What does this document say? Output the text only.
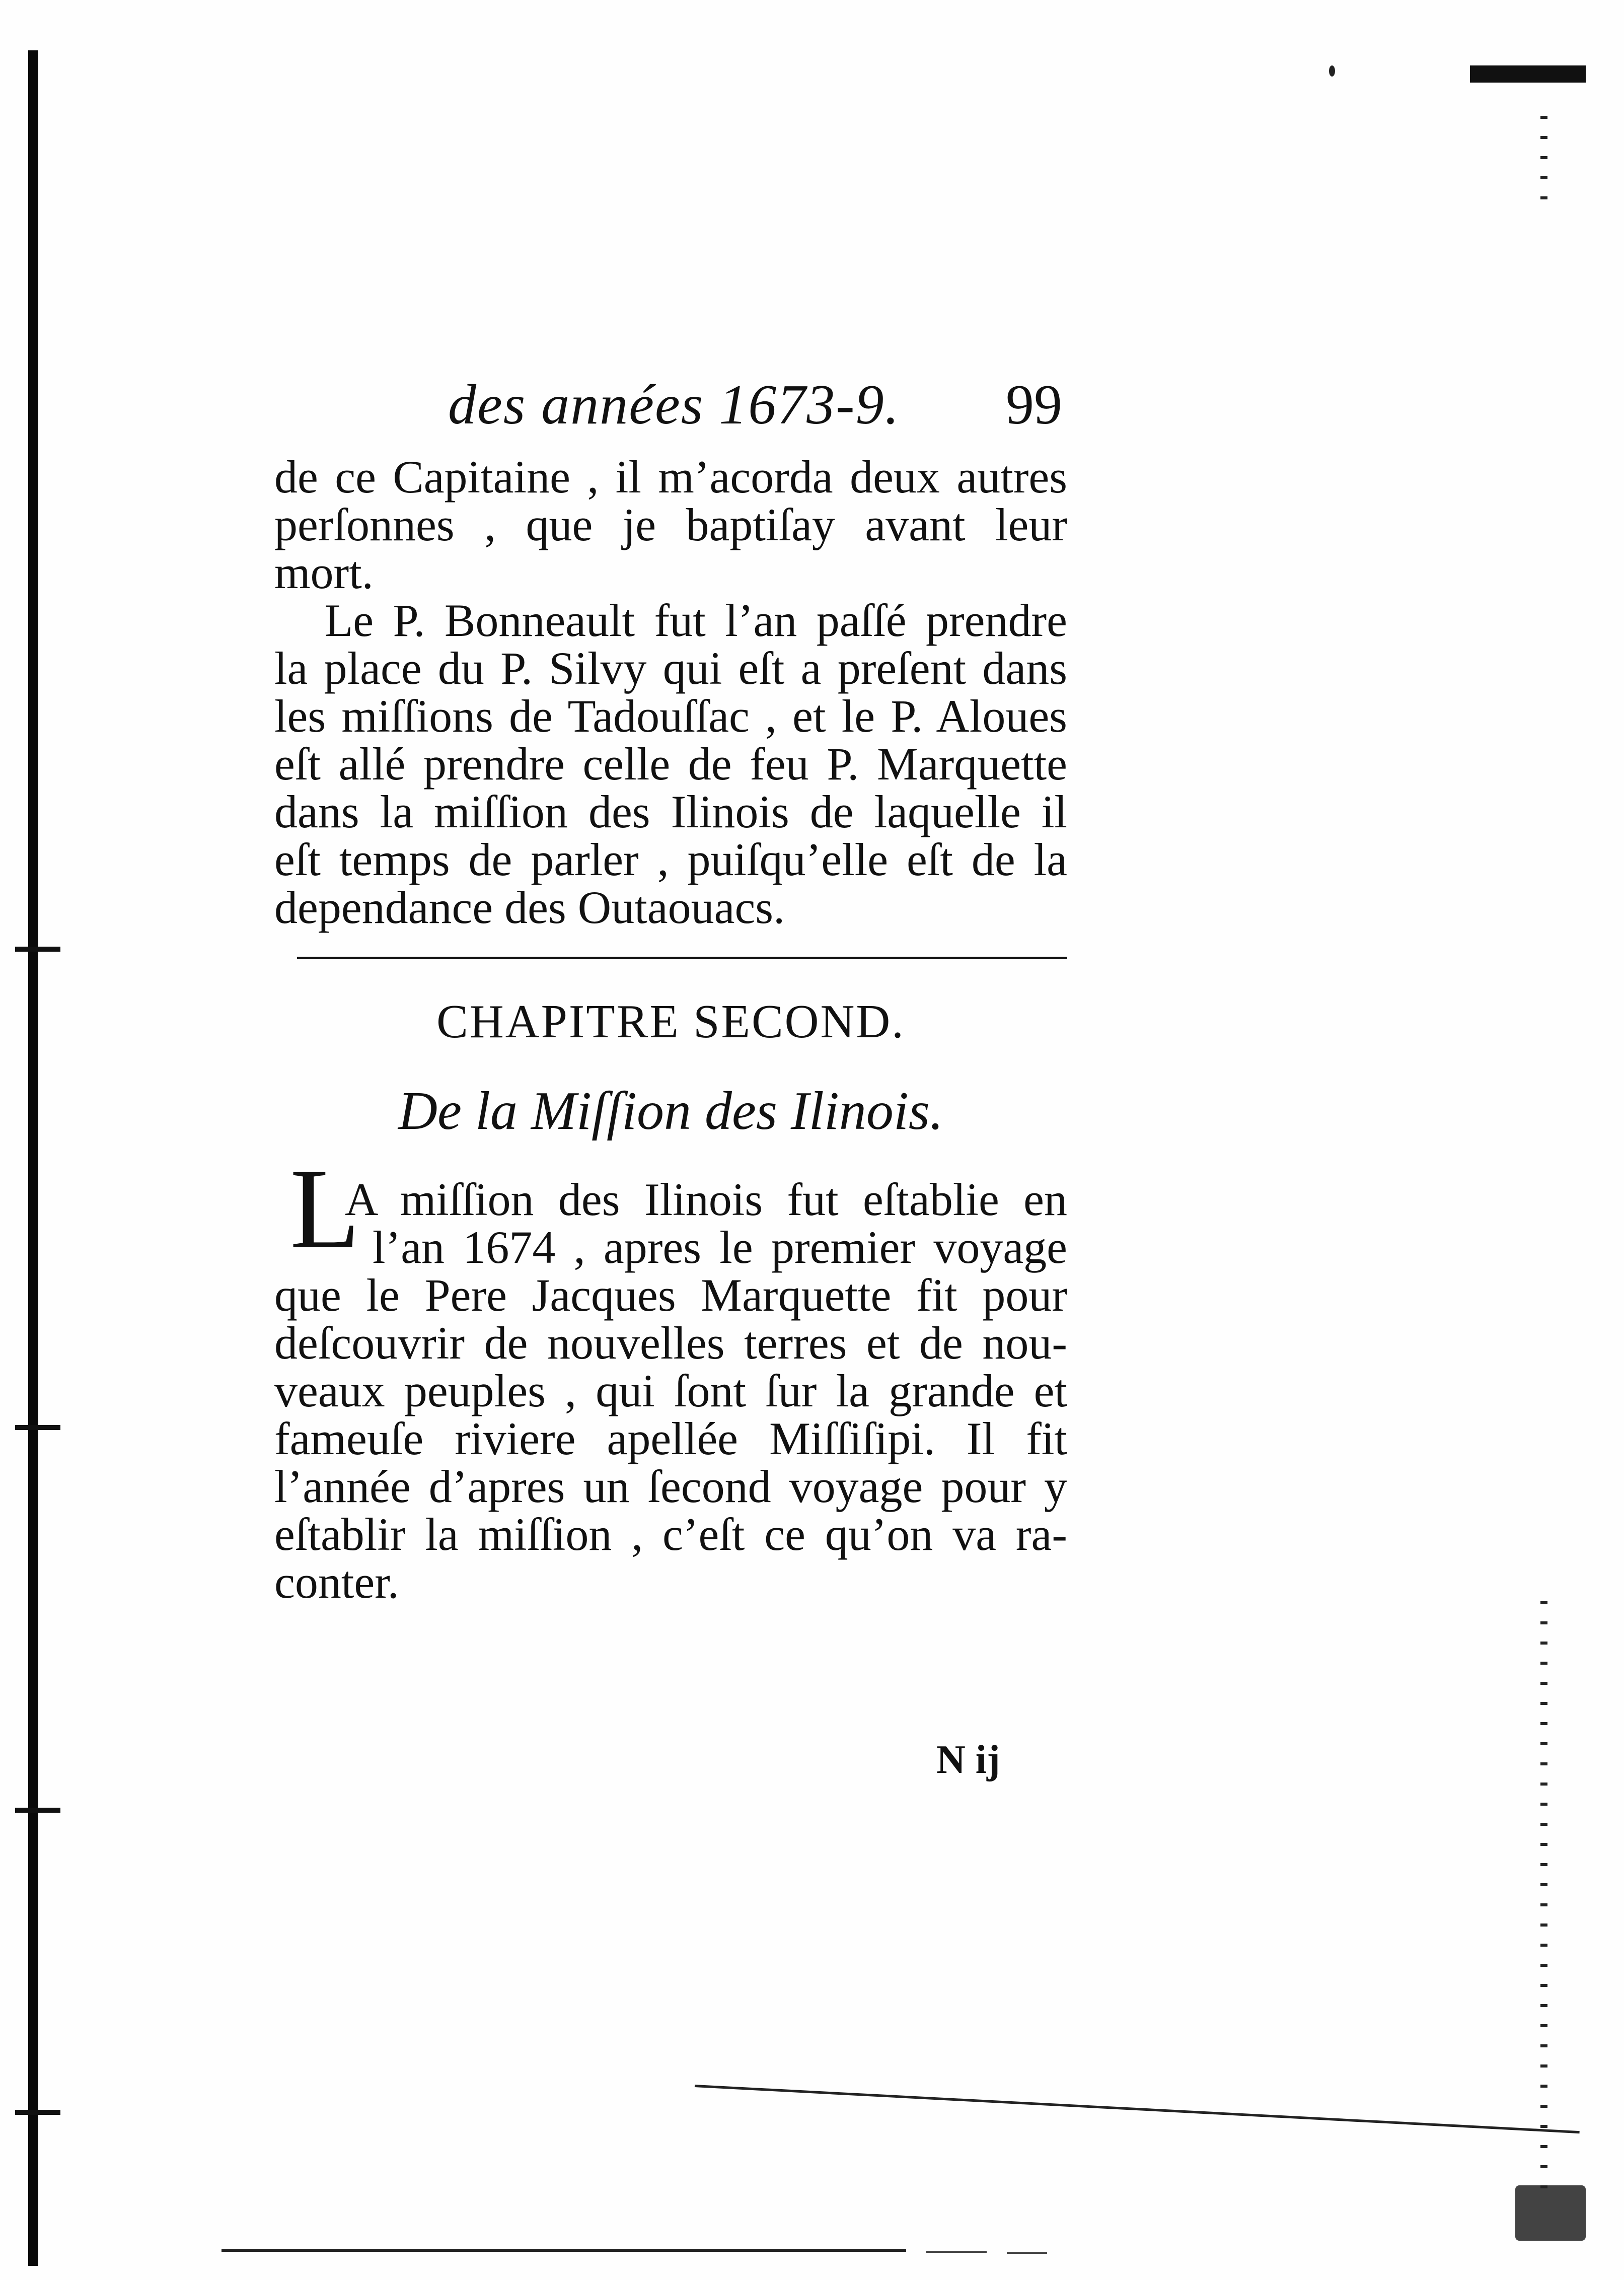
des années 1673-9. 99
de ce Capitaine , il m’acorda deux autres
perſonnes , que je baptiſay avant leur
mort.
Le P. Bonneault fut l’an paſſé prendre
la place du P. Silvy qui eſt a preſent dans
les miſſions de Tadouſſac , et le P. Aloues
eſt allé prendre celle de feu P. Marquette
dans la miſſion des Ilinois de laquelle il
eſt temps de parler , puiſqu’elle eſt de la
dependance des Outaouacs.
CHAPITRE SECOND.
De la Miſſion des Ilinois.
L
A miſſion des Ilinois fut eſtablie en
l’an 1674 , apres le premier voyage
que le Pere Jacques Marquette fit pour
deſcouvrir de nouvelles terres et de nou-
veaux peuples , qui ſont ſur la grande et
fameuſe riviere apellée Miſſiſipi. Il fit
l’année d’apres un ſecond voyage pour y
eſtablir la miſſion , c’eſt ce qu’on va ra-
conter.
N ij
